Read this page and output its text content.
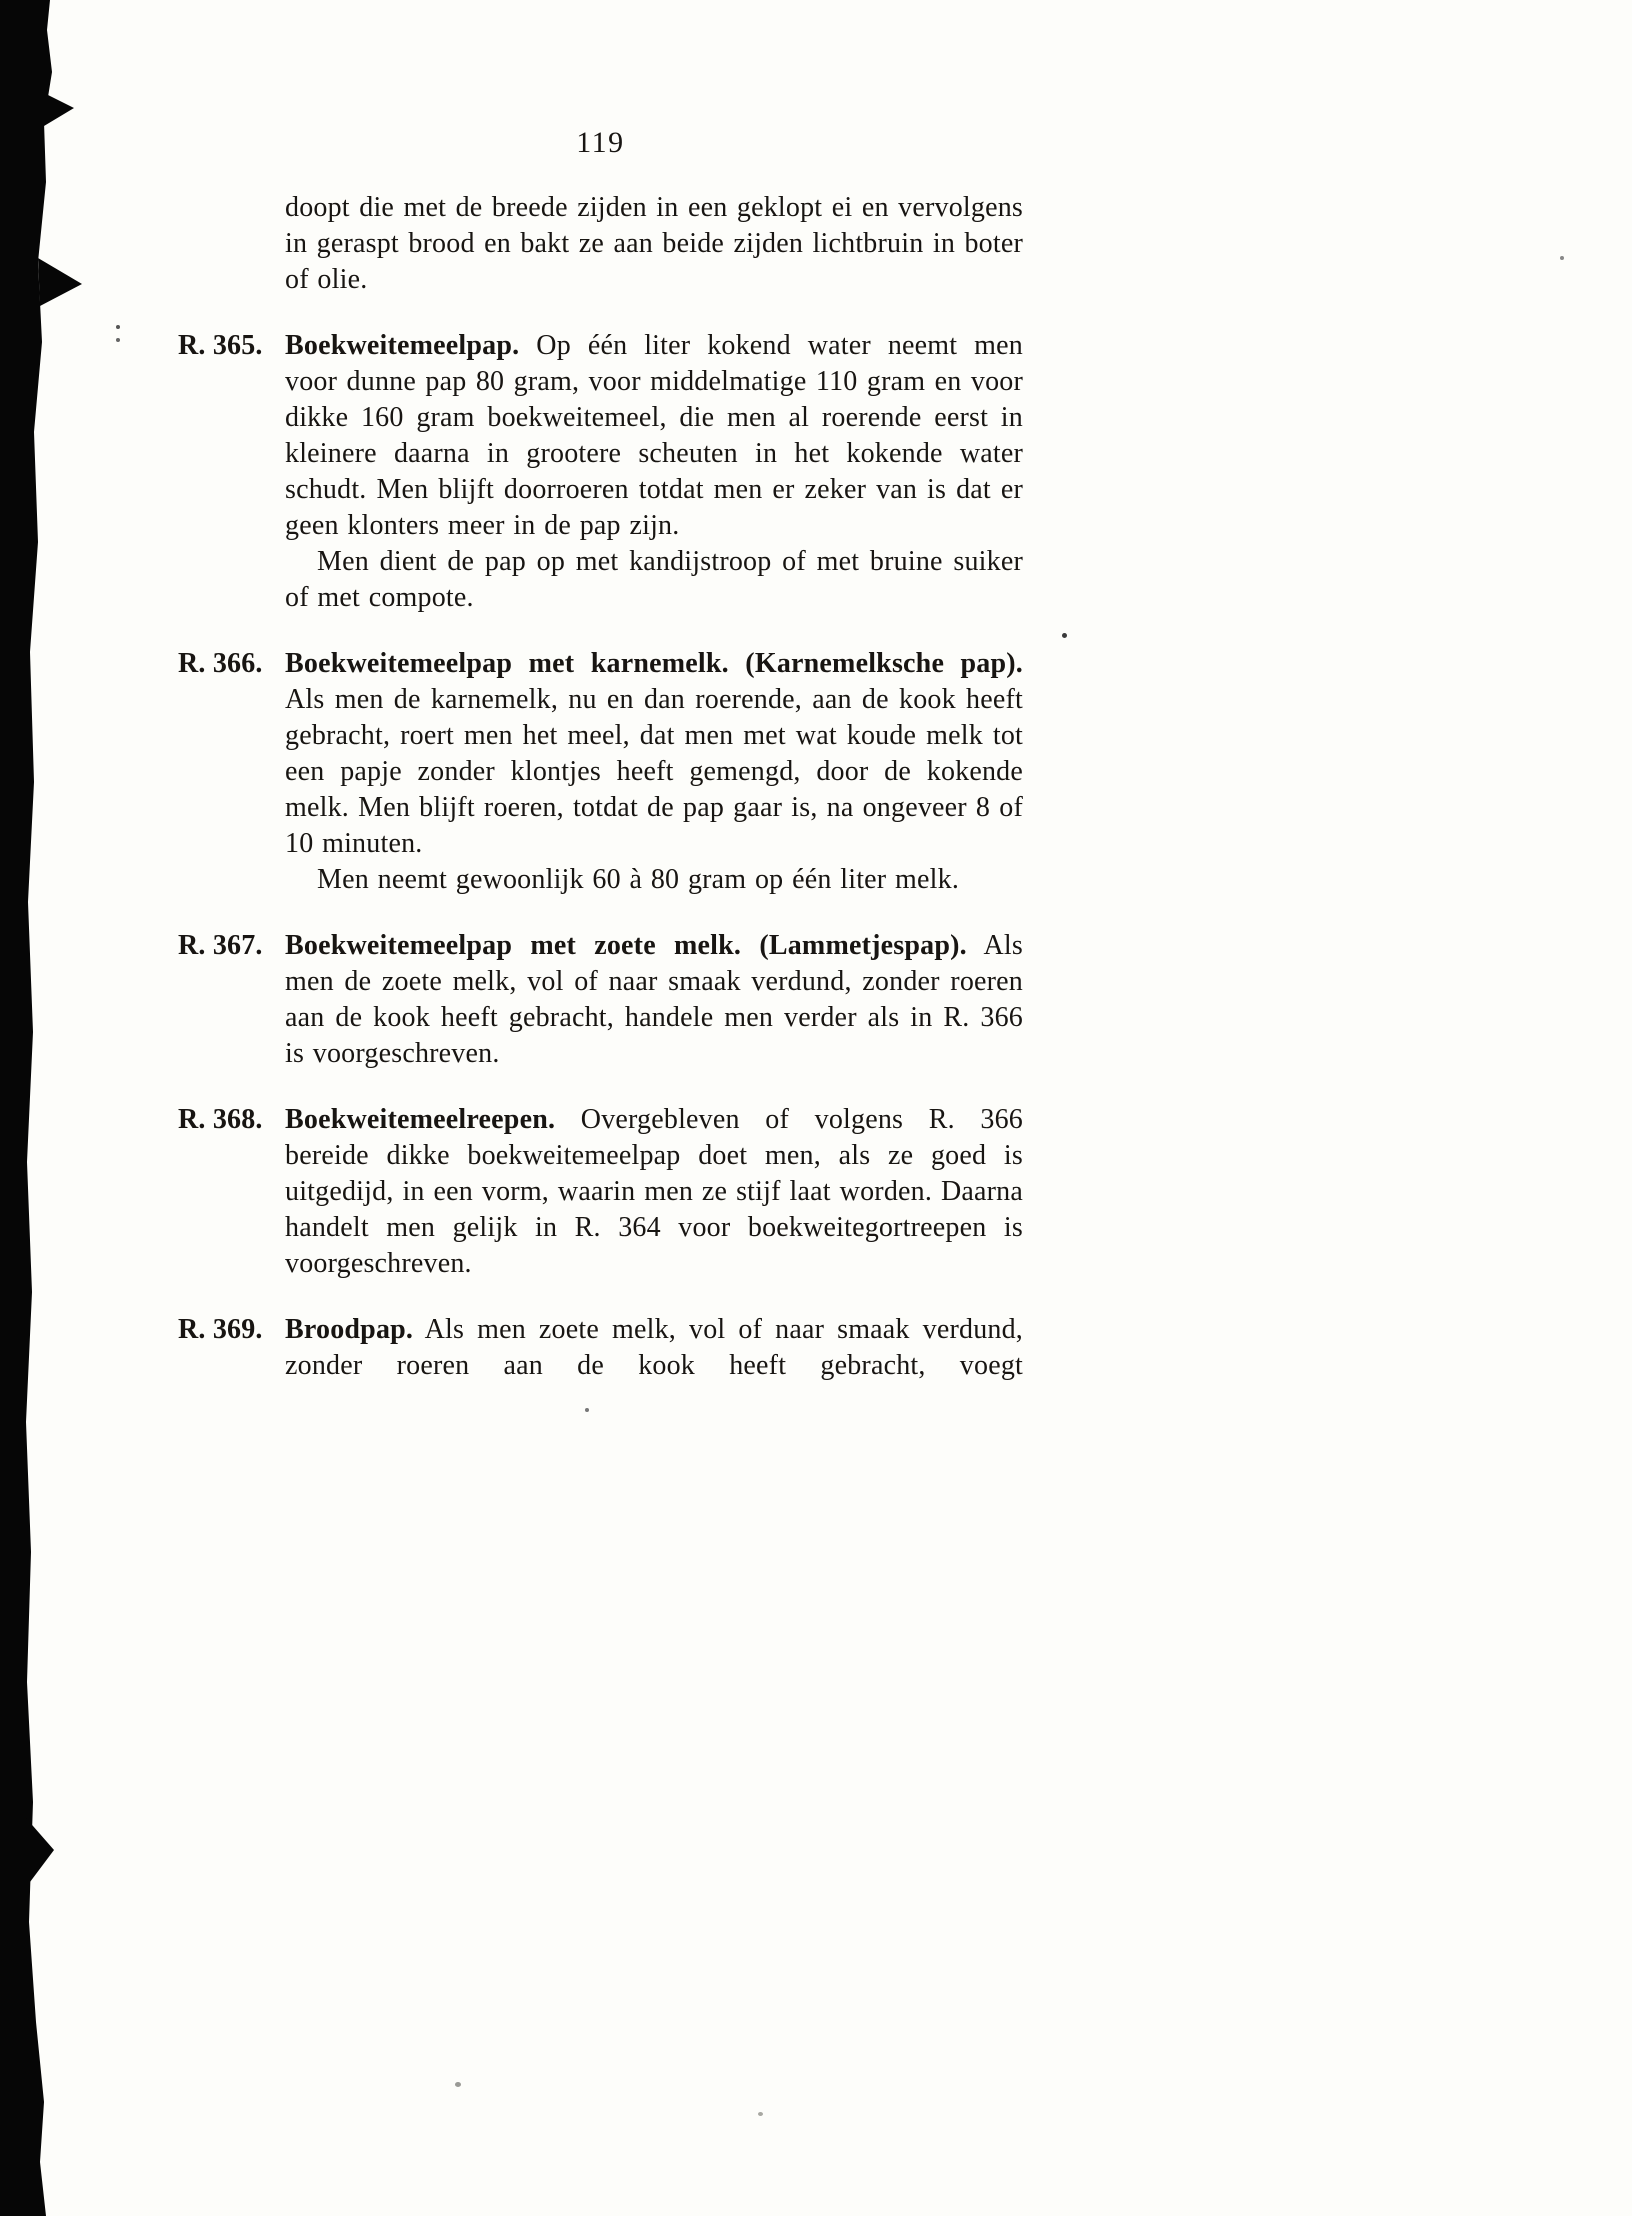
119

doopt die met de breede zijden in een geklopt ei en vervolgens in geraspt brood en bakt ze aan beide zijden lichtbruin in boter of olie.

R. 365. Boekweitemeelpap. Op één liter kokend water neemt men voor dunne pap 80 gram, voor middelmatige 110 gram en voor dikke 160 gram boekweitemeel, die men al roerende eerst in kleinere daarna in grootere scheuten in het kokende water schudt. Men blijft doorroeren totdat men er zeker van is dat er geen klonters meer in de pap zijn.

Men dient de pap op met kandijstroop of met bruine suiker of met compote.

R. 366. Boekweitemeelpap met karnemelk. (Karnemelksche pap). Als men de karnemelk, nu en dan roerende, aan de kook heeft gebracht, roert men het meel, dat men met wat koude melk tot een papje zonder klontjes heeft gemengd, door de kokende melk. Men blijft roeren, totdat de pap gaar is, na ongeveer 8 of 10 minuten.

Men neemt gewoonlijk 60 à 80 gram op één liter melk.

R. 367. Boekweitemeelpap met zoete melk. (Lammetjespap). Als men de zoete melk, vol of naar smaak verdund, zonder roeren aan de kook heeft gebracht, handele men verder als in R. 366 is voorgeschreven.

R. 368. Boekweitemeelreepen. Overgebleven of volgens R. 366 bereide dikke boekweitemeelpap doet men, als ze goed is uitgedijd, in een vorm, waarin men ze stijf laat worden. Daarna handelt men gelijk in R. 364 voor boekweitegortreepen is voorgeschreven.

R. 369. Broodpap. Als men zoete melk, vol of naar smaak verdund, zonder roeren aan de kook heeft gebracht, voegt
